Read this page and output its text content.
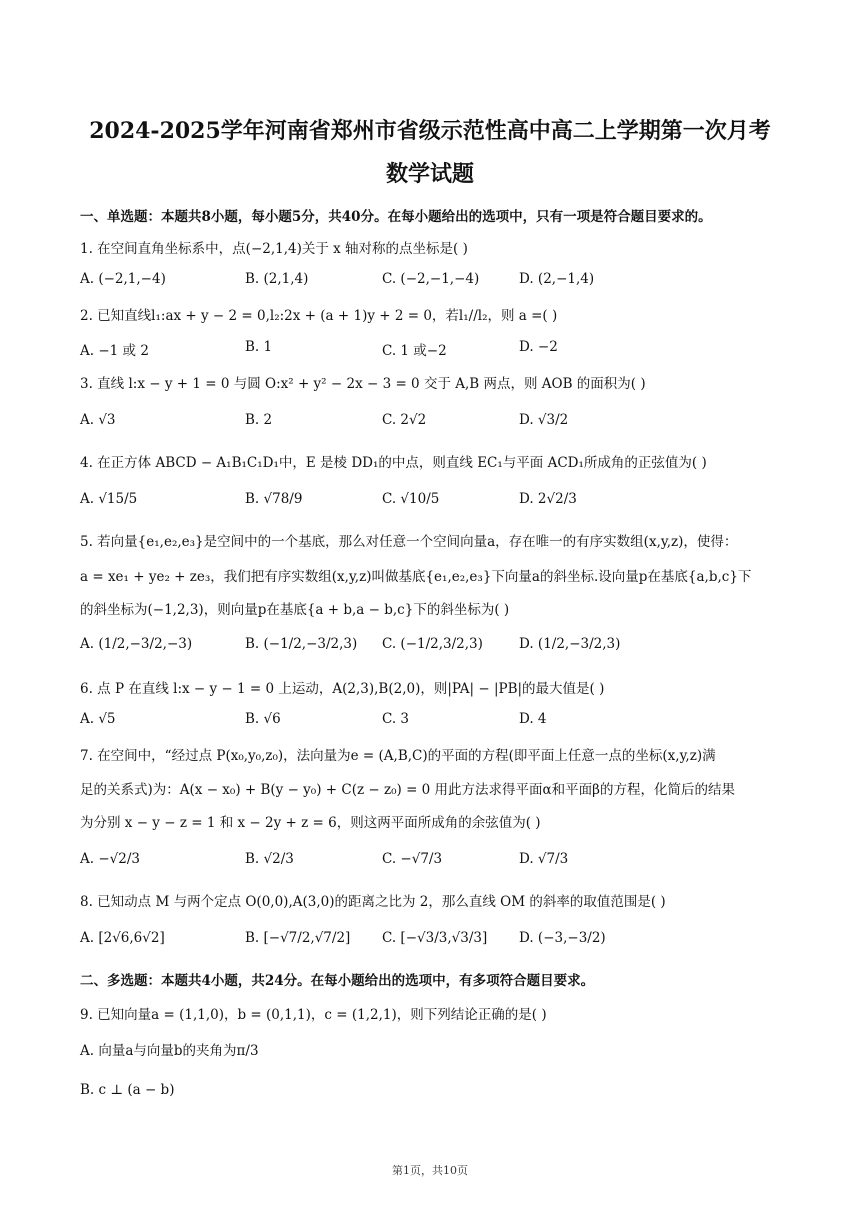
2024-2025学年河南省郑州市省级示范性高中高二上学期第一次月考
数学试题
一、单选题：本题共8小题，每小题5分，共40分。在每小题给出的选项中，只有一项是符合题目要求的。
1. 在空间直角坐标系中，点(−2,1,4)关于 x 轴对称的点坐标是( )
A. (−2,1,−4)	B. (2,1,4)	C. (−2,−1,−4)	D. (2,−1,4)
2. 已知直线l₁:ax + y − 2 = 0,l₂:2x + (a + 1)y + 2 = 0，若l₁//l₂，则 a =( )
A. −1 或 2	B. 1	C. 1 或−2	D. −2
3. 直线 l:x − y + 1 = 0 与圆 O:x² + y² − 2x − 3 = 0 交于 A,B 两点，则 AOB 的面积为( )
A. √3	B. 2	C. 2√2	D. √3/2
4. 在正方体 ABCD − A₁B₁C₁D₁中，E 是棱 DD₁的中点，则直线 EC₁与平面 ACD₁所成角的正弦值为( )
A. √15/5	B. √78/9	C. √10/5	D. 2√2/3
5. 若向量{e₁,e₂,e₃}是空间中的一个基底，那么对任意一个空间向量a，存在唯一的有序实数组(x,y,z)，使得：
a = xe₁ + ye₂ + ze₃，我们把有序实数组(x,y,z)叫做基底{e₁,e₂,e₃}下向量a的斜坐标.设向量p在基底{a,b,c}下
的斜坐标为(−1,2,3)，则向量p在基底{a + b,a − b,c}下的斜坐标为( )
A. (1/2,−3/2,−3)	B. (−1/2,−3/2,3) C. (−1/2,3/2,3)	D. (1/2,−3/2,3)
6. 点 P 在直线 l:x − y − 1 = 0 上运动，A(2,3),B(2,0)，则|PA| − |PB|的最大值是( )
A. √5	B. √6	C. 3	D. 4
7. 在空间中，“经过点 P(x₀,y₀,z₀)，法向量为e = (A,B,C)的平面的方程(即平面上任意一点的坐标(x,y,z)满
足的关系式)为：A(x − x₀) + B(y − y₀) + C(z − z₀) = 0 用此方法求得平面α和平面β的方程，化简后的结果
为分别 x − y − z = 1 和 x − 2y + z = 6，则这两平面所成角的余弦值为( )
A. −√2/3	B. √2/3	C. −√7/3	D. √7/3
8. 已知动点 M 与两个定点 O(0,0),A(3,0)的距离之比为 2，那么直线 OM 的斜率的取值范围是( )
A. [2√6,6√2]	B. [−√7/2,√7/2] C. [−√3/3,√3/3] D. (−3,−3/2)
二、多选题：本题共4小题，共24分。在每小题给出的选项中，有多项符合题目要求。
9. 已知向量a = (1,1,0)，b = (0,1,1)，c = (1,2,1)，则下列结论正确的是( )
A. 向量a与向量b的夹角为π/3
B. c ⊥ (a − b)
第1页，共10页
